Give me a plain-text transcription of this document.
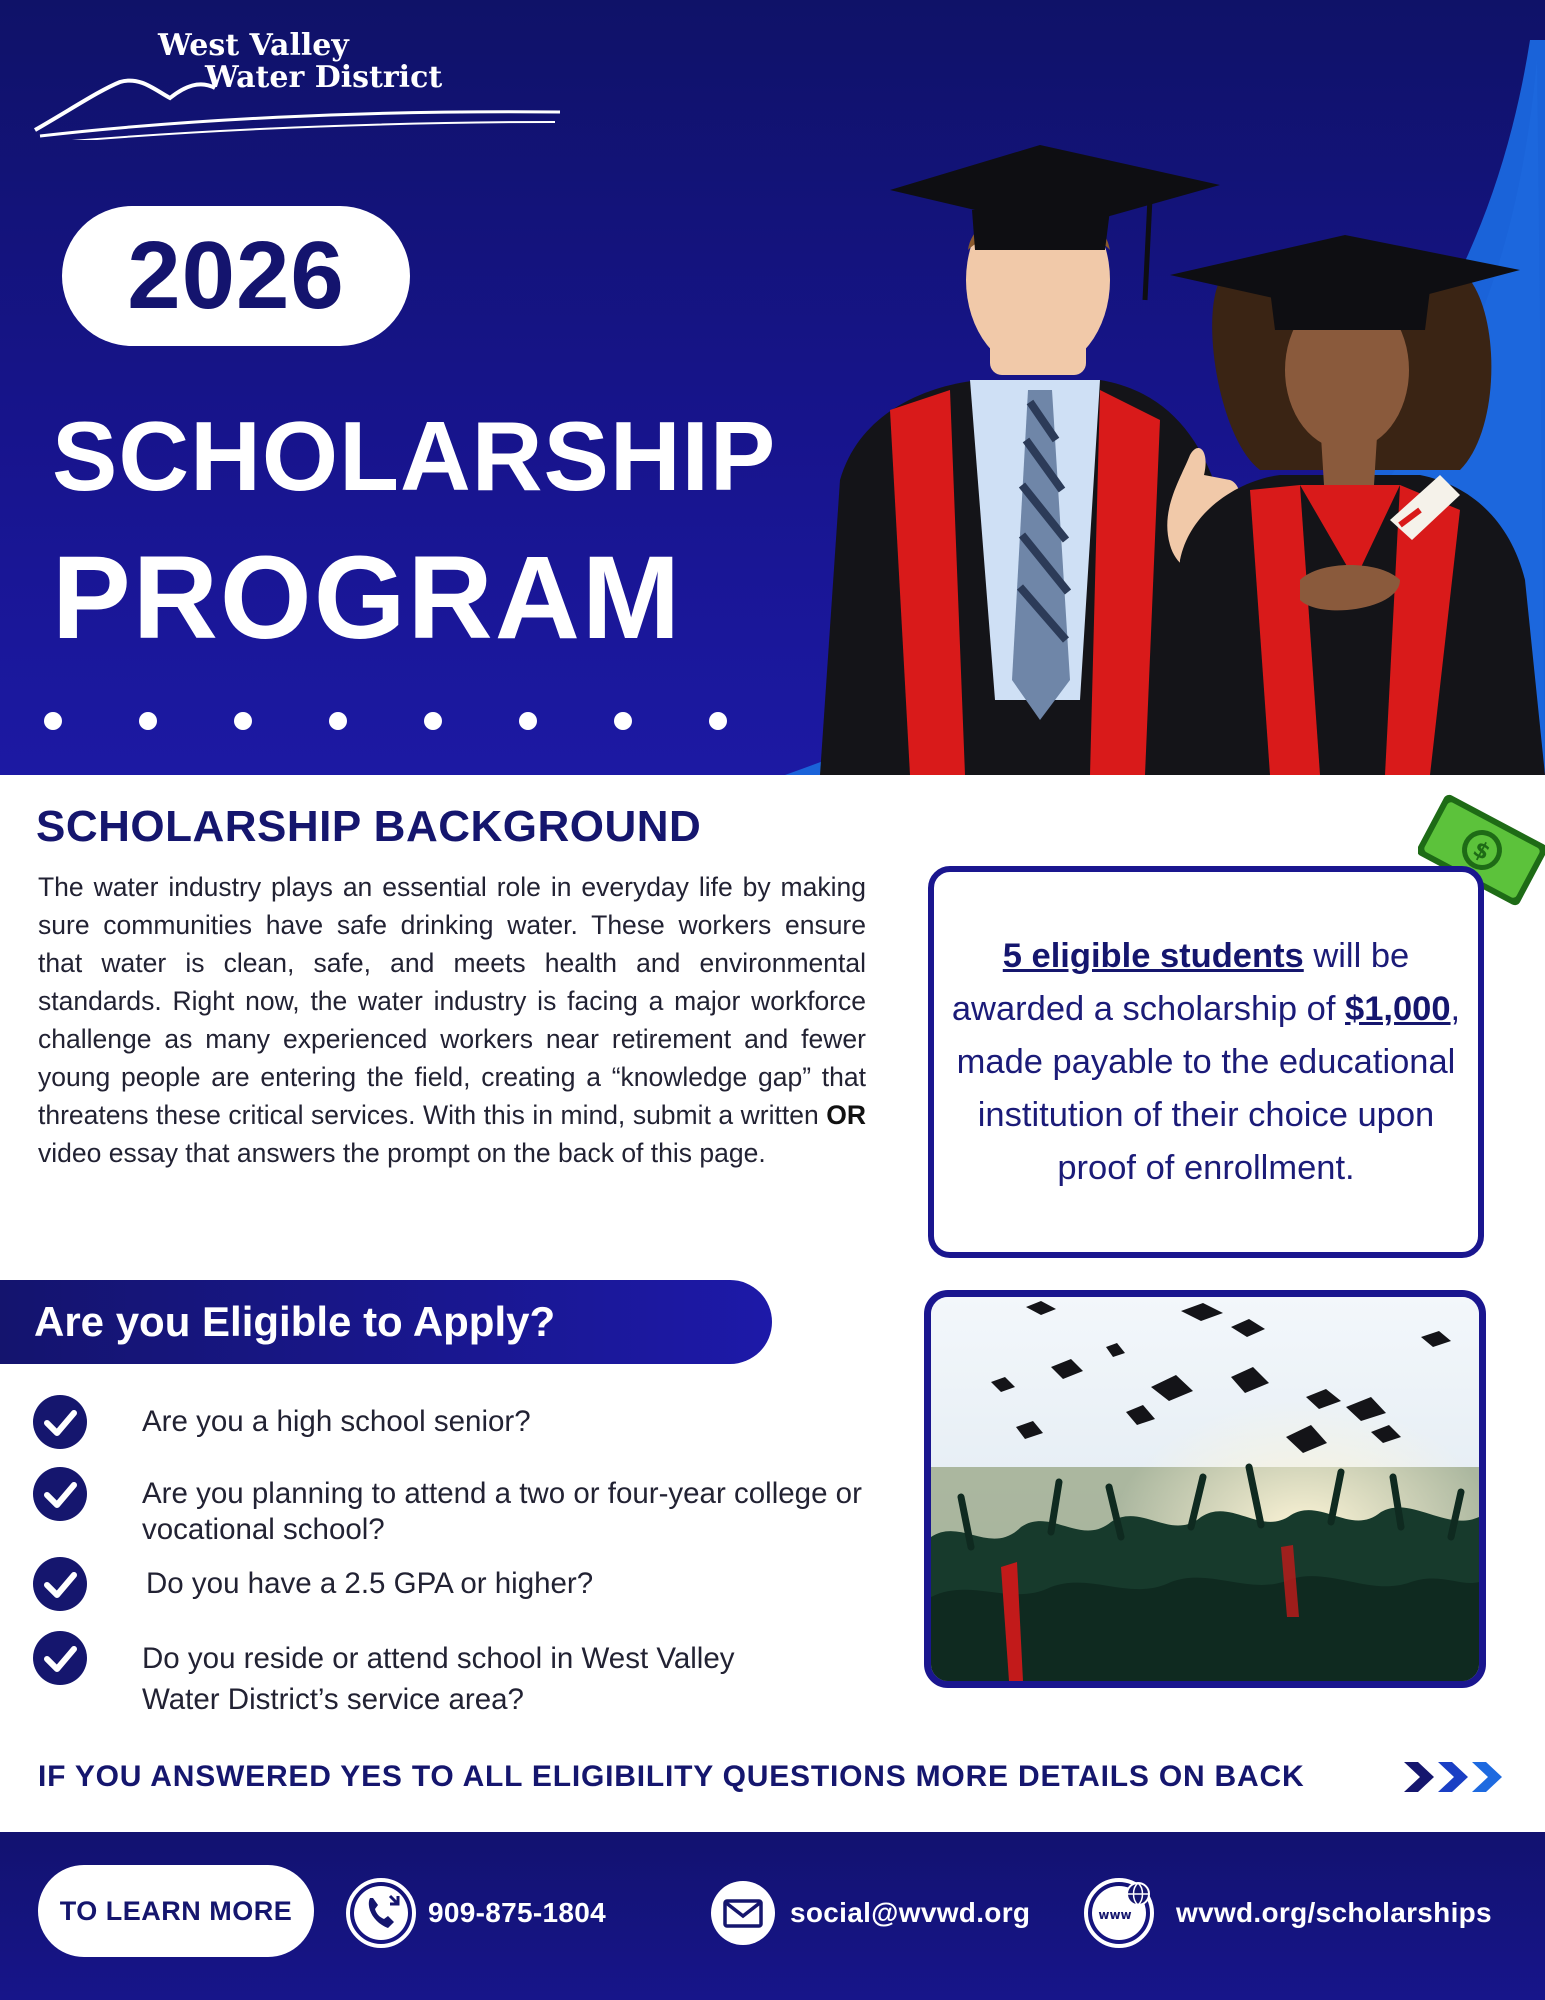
West Valley
Water District
2026
SCHOLARSHIP
PROGRAM
SCHOLARSHIP BACKGROUND

The water industry plays an essential role in everyday life by making sure communities have safe drinking water. These workers ensure that water is clean, safe, and meets health and environmental standards. Right now, the water industry is facing a major workforce challenge as many experienced workers near retirement and fewer young people are entering the field, creating a “knowledge gap” that threatens these critical services. With this in mind, submit a written OR video essay that answers the prompt on the back of this page.

$

5 eligible students will be awarded a scholarship of $1,000, made payable to the educational institution of their choice upon proof of enrollment.

Are you Eligible to Apply?
Are you a high school senior?
Are you planning to attend a two or four-year college or vocational school?
Do you have a 2.5 GPA or higher?
Do you reside or attend school in West Valley Water District’s service area?
IF YOU ANSWERED YES TO ALL ELIGIBILITY QUESTIONS MORE DETAILS ON BACK
TO LEARN MORE	909-875-1804	social@wvwd.org	www wvwd.org/scholarships
